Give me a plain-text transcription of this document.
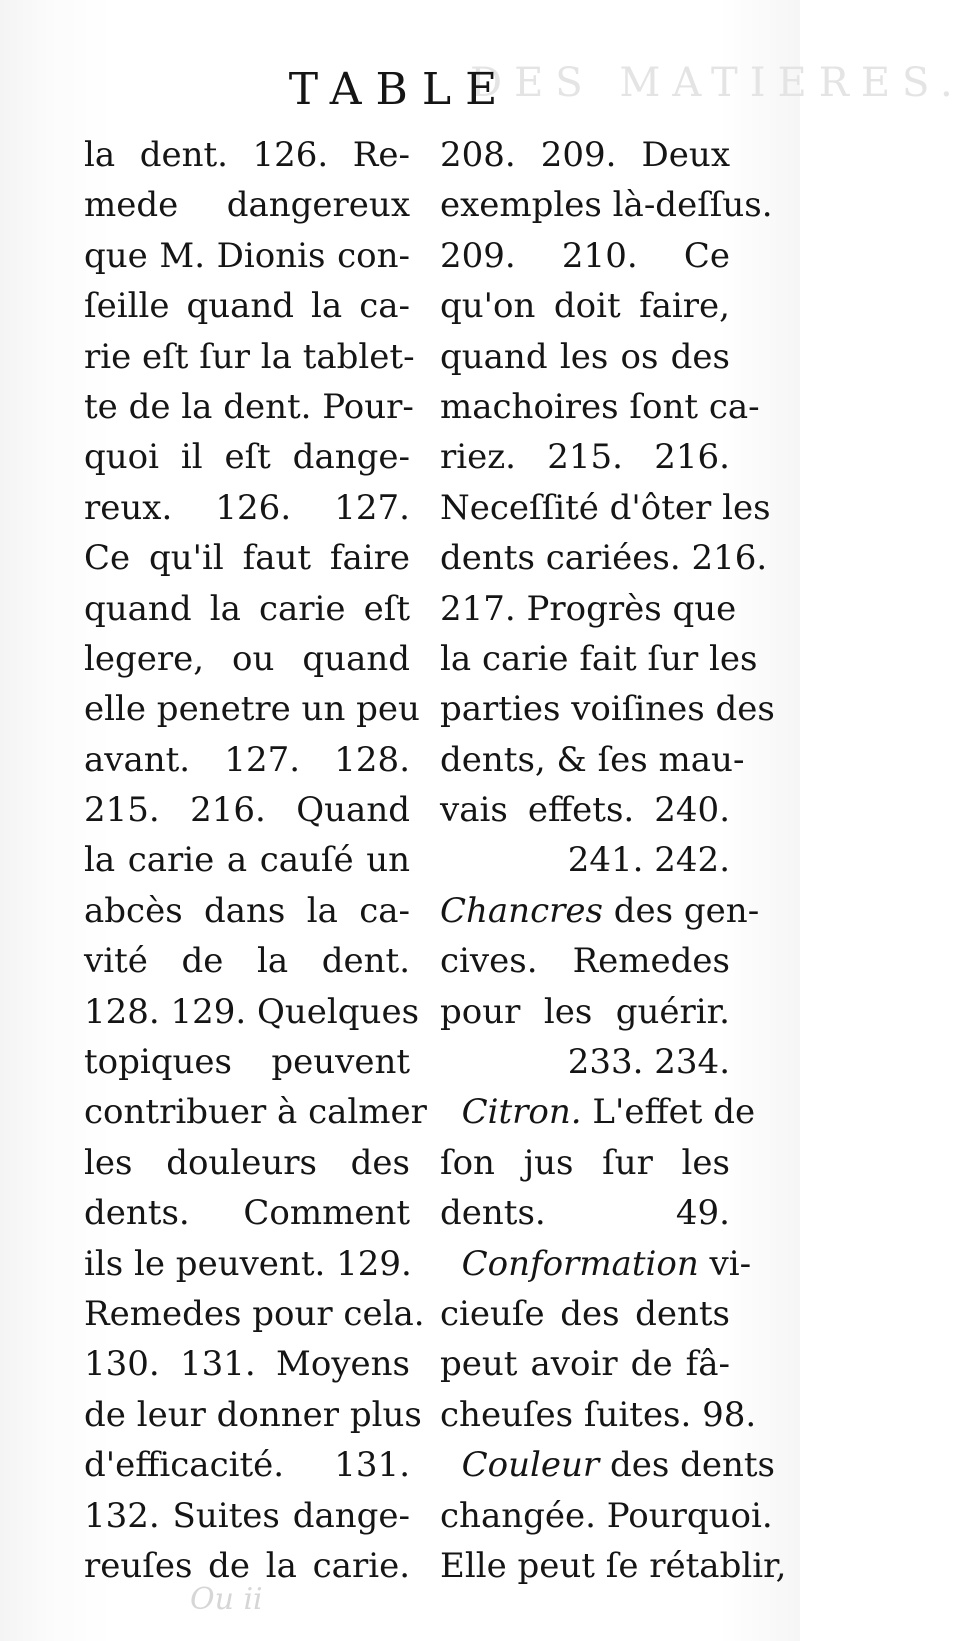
DES MATIERES.
TABLE
la dent. 126. Re-
mede dangereux
que M. Dionis con-
ſeille quand la ca-
rie eſt ſur la tablet-
te de la dent. Pour-
quoi il eſt dange-
reux. 126. 127.
Ce qu'il faut faire
quand la carie eſt
legere, ou quand
elle penetre un peu
avant. 127. 128.
215. 216. Quand
la carie a cauſé un
abcès dans la ca-
vité de la dent.
128. 129. Quelques
topiques peuvent
contribuer à calmer
les douleurs des
dents. Comment
ils le peuvent. 129.
Remedes pour cela.
130. 131. Moyens
de leur donner plus
d'efficacité. 131.
132. Suites dange-
reuſes de la carie.
208. 209. Deux
exemples là-deſſus.
209. 210. Ce
qu'on doit faire,
quand les os des
machoires ſont ca-
riez. 215. 216.
Neceſſité d'ôter les
dents cariées. 216.
217. Progrès que
la carie fait ſur les
parties voiſines des
dents, & ſes mau-
vais effets. 240.
241. 242.
Chancres des gen-
cives. Remedes
pour les guérir.
233. 234.
Citron. L'effet de
ſon jus ſur les
dents. 49.
Conformation vi-
cieuſe des dents
peut avoir de fâ-
cheuſes ſuites. 98.
Couleur des dents
changée. Pourquoi.
Elle peut ſe rétablir,
Ou ii
